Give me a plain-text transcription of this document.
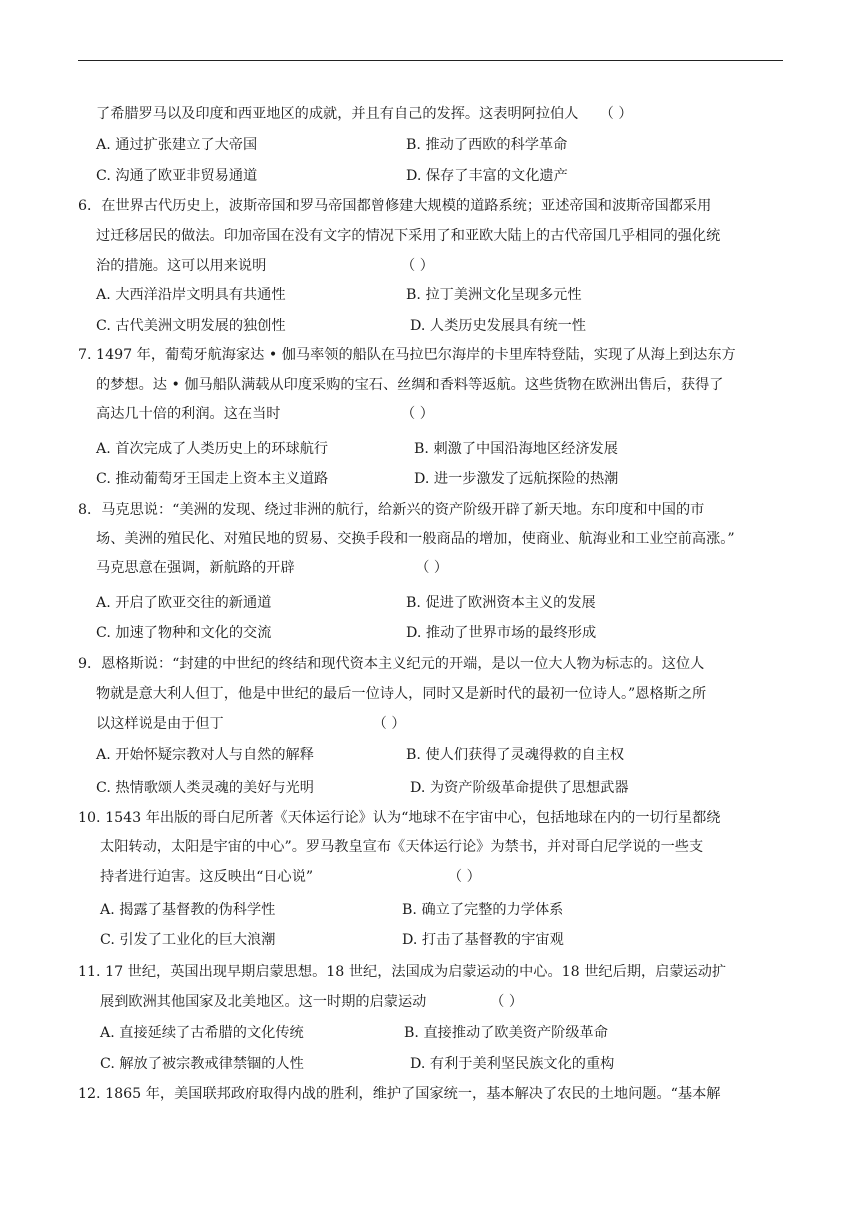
了希腊罗马以及印度和西亚地区的成就，并且有自己的发挥。这表明阿拉伯人　　（ ）
A. 通过扩张建立了大帝国	B. 推动了西欧的科学革命
C. 沟通了欧亚非贸易通道	D. 保存了丰富的文化遗产
6．在世界古代历史上，波斯帝国和罗马帝国都曾修建大规模的道路系统；亚述帝国和波斯帝国都采用
过迁移居民的做法。印加帝国在没有文字的情况下采用了和亚欧大陆上的古代帝国几乎相同的强化统
治的措施。这可以用来说明　　　　　　　　　　（ ）
A. 大西洋沿岸文明具有共通性	B. 拉丁美洲文化呈现多元性
C. 古代美洲文明发展的独创性	D. 人类历史发展具有统一性
7. 1497 年，葡萄牙航海家达 • 伽马率领的船队在马拉巴尔海岸的卡里库特登陆，实现了从海上到达东方
的梦想。达 • 伽马船队满载从印度采购的宝石、丝绸和香料等返航。这些货物在欧洲出售后，获得了
高达几十倍的利润。这在当时　　　　　　　　　（ ）
A. 首次完成了人类历史上的环球航行	B. 刺激了中国沿海地区经济发展
C. 推动葡萄牙王国走上资本主义道路	D. 进一步激发了远航探险的热潮
8．马克思说：“美洲的发现、绕过非洲的航行，给新兴的资产阶级开辟了新天地。东印度和中国的市
场、美洲的殖民化、对殖民地的贸易、交换手段和一般商品的增加，使商业、航海业和工业空前高涨。”
马克思意在强调，新航路的开辟　　　　　　　　　（ ）
A. 开启了欧亚交往的新通道	B. 促进了欧洲资本主义的发展
C. 加速了物种和文化的交流	D. 推动了世界市场的最终形成
9．恩格斯说：“封建的中世纪的终结和现代资本主义纪元的开端，是以一位大人物为标志的。这位人
物就是意大利人但丁，他是中世纪的最后一位诗人，同时又是新时代的最初一位诗人。”恩格斯之所
以这样说是由于但丁　　　　　　　　　　　（ ）
A. 开始怀疑宗教对人与自然的解释	B. 使人们获得了灵魂得救的自主权
C. 热情歌颂人类灵魂的美好与光明	D. 为资产阶级革命提供了思想武器
10. 1543 年出版的哥白尼所著《天体运行论》认为“地球不在宇宙中心，包括地球在内的一切行星都绕
太阳转动，太阳是宇宙的中心”。罗马教皇宣布《天体运行论》为禁书，并对哥白尼学说的一些支
持者进行迫害。这反映出“日心说”　　　　　　　　　　（ ）
A. 揭露了基督教的伪科学性	B. 确立了完整的力学体系
C. 引发了工业化的巨大浪潮	D. 打击了基督教的宇宙观
11. 17 世纪，英国出现早期启蒙思想。18 世纪，法国成为启蒙运动的中心。18 世纪后期，启蒙运动扩
展到欧洲其他国家及北美地区。这一时期的启蒙运动　　　　　（ ）
A. 直接延续了古希腊的文化传统	B. 直接推动了欧美资产阶级革命
C. 解放了被宗教戒律禁锢的人性	D. 有利于美利坚民族文化的重构
12. 1865 年，美国联邦政府取得内战的胜利，维护了国家统一，基本解决了农民的土地问题。“基本解
